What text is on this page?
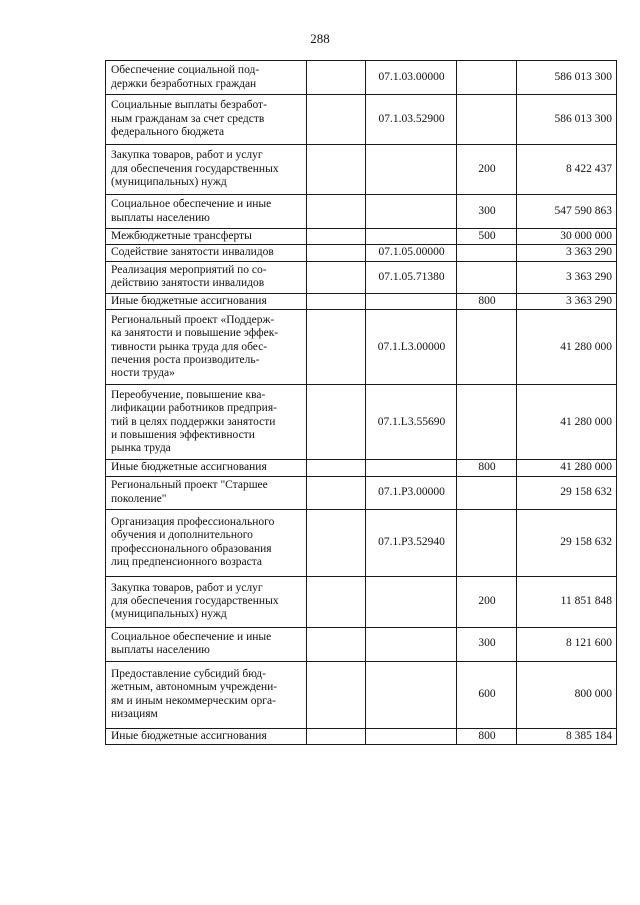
288
Обеспечение социальной под-
держки безработных граждан		07.1.03.00000		586 013 300
Социальные выплаты безработ-
ным гражданам за счет средств
федерального бюджета		07.1.03.52900		586 013 300
Закупка товаров, работ и услуг
для обеспечения государственных
(муниципальных) нужд			200	8 422 437
Социальное обеспечение и иные
выплаты населению			300	547 590 863
Межбюджетные трансферты			500	30 000 000
Содействие занятости инвалидов		07.1.05.00000		3 363 290
Реализация мероприятий по со-
действию занятости инвалидов		07.1.05.71380		3 363 290
Иные бюджетные ассигнования			800	3 363 290
Региональный проект «Поддерж-
ка занятости и повышение эффек-
тивности рынка труда для обес-
печения роста производитель-
ности труда»		07.1.L3.00000		41 280 000
Переобучение, повышение ква-
лификации работников предприя-
тий в целях поддержки занятости
и повышения эффективности
рынка труда		07.1.L3.55690		41 280 000
Иные бюджетные ассигнования			800	41 280 000
Региональный проект "Старшее
поколение"		07.1.P3.00000		29 158 632
Организация профессионального
обучения и дополнительного
профессионального образования
лиц предпенсионного возраста		07.1.P3.52940		29 158 632
Закупка товаров, работ и услуг
для обеспечения государственных
(муниципальных) нужд			200	11 851 848
Социальное обеспечение и иные
выплаты населению			300	8 121 600
Предоставление субсидий бюд-
жетным, автономным учреждени-
ям и иным некоммерческим орга-
низациям			600	800 000
Иные бюджетные ассигнования			800	8 385 184
